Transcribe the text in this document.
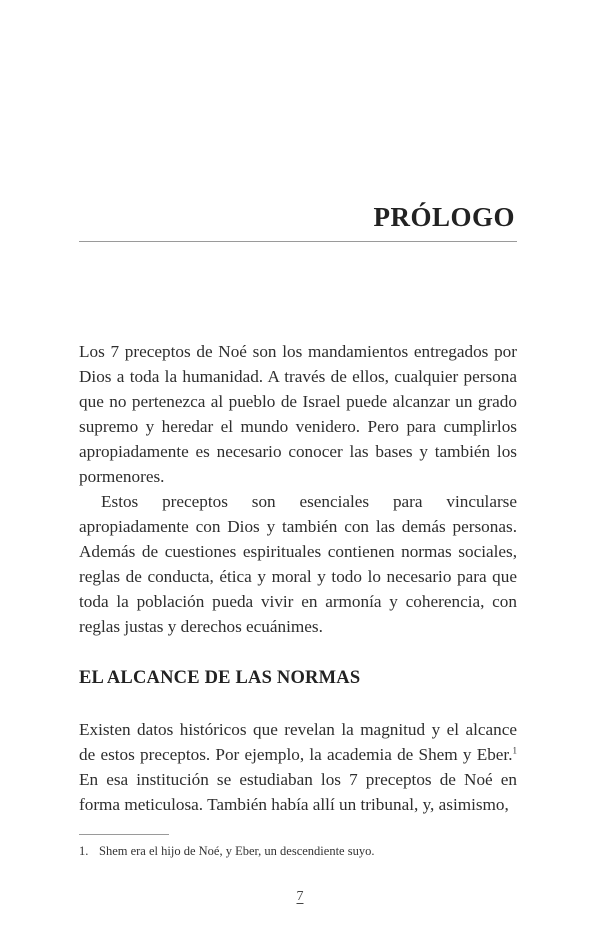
PRÓLOGO

Los 7 preceptos de Noé son los mandamientos entregados por Dios a toda la humanidad. A través de ellos, cualquier persona que no pertenezca al pueblo de Israel puede alcanzar un grado supremo y heredar el mundo venidero. Pero para cumplirlos apropiadamente es necesario conocer las bases y también los pormenores.

Estos preceptos son esenciales para vincularse apropiadamente con Dios y también con las demás personas. Además de cuestiones espirituales contienen normas sociales, reglas de conducta, ética y moral y todo lo necesario para que toda la población pueda vivir en armonía y coherencia, con reglas justas y derechos ecuánimes.

EL ALCANCE DE LAS NORMAS

Existen datos históricos que revelan la magnitud y el alcance de estos preceptos. Por ejemplo, la academia de Shem y Eber.$^1$ En esa institución se estudiaban los 7 preceptos de Noé en forma meticulosa. También había allí un tribunal, y, asimismo,

1. Shem era el hijo de Noé, y Eber, un descendiente suyo.

7
